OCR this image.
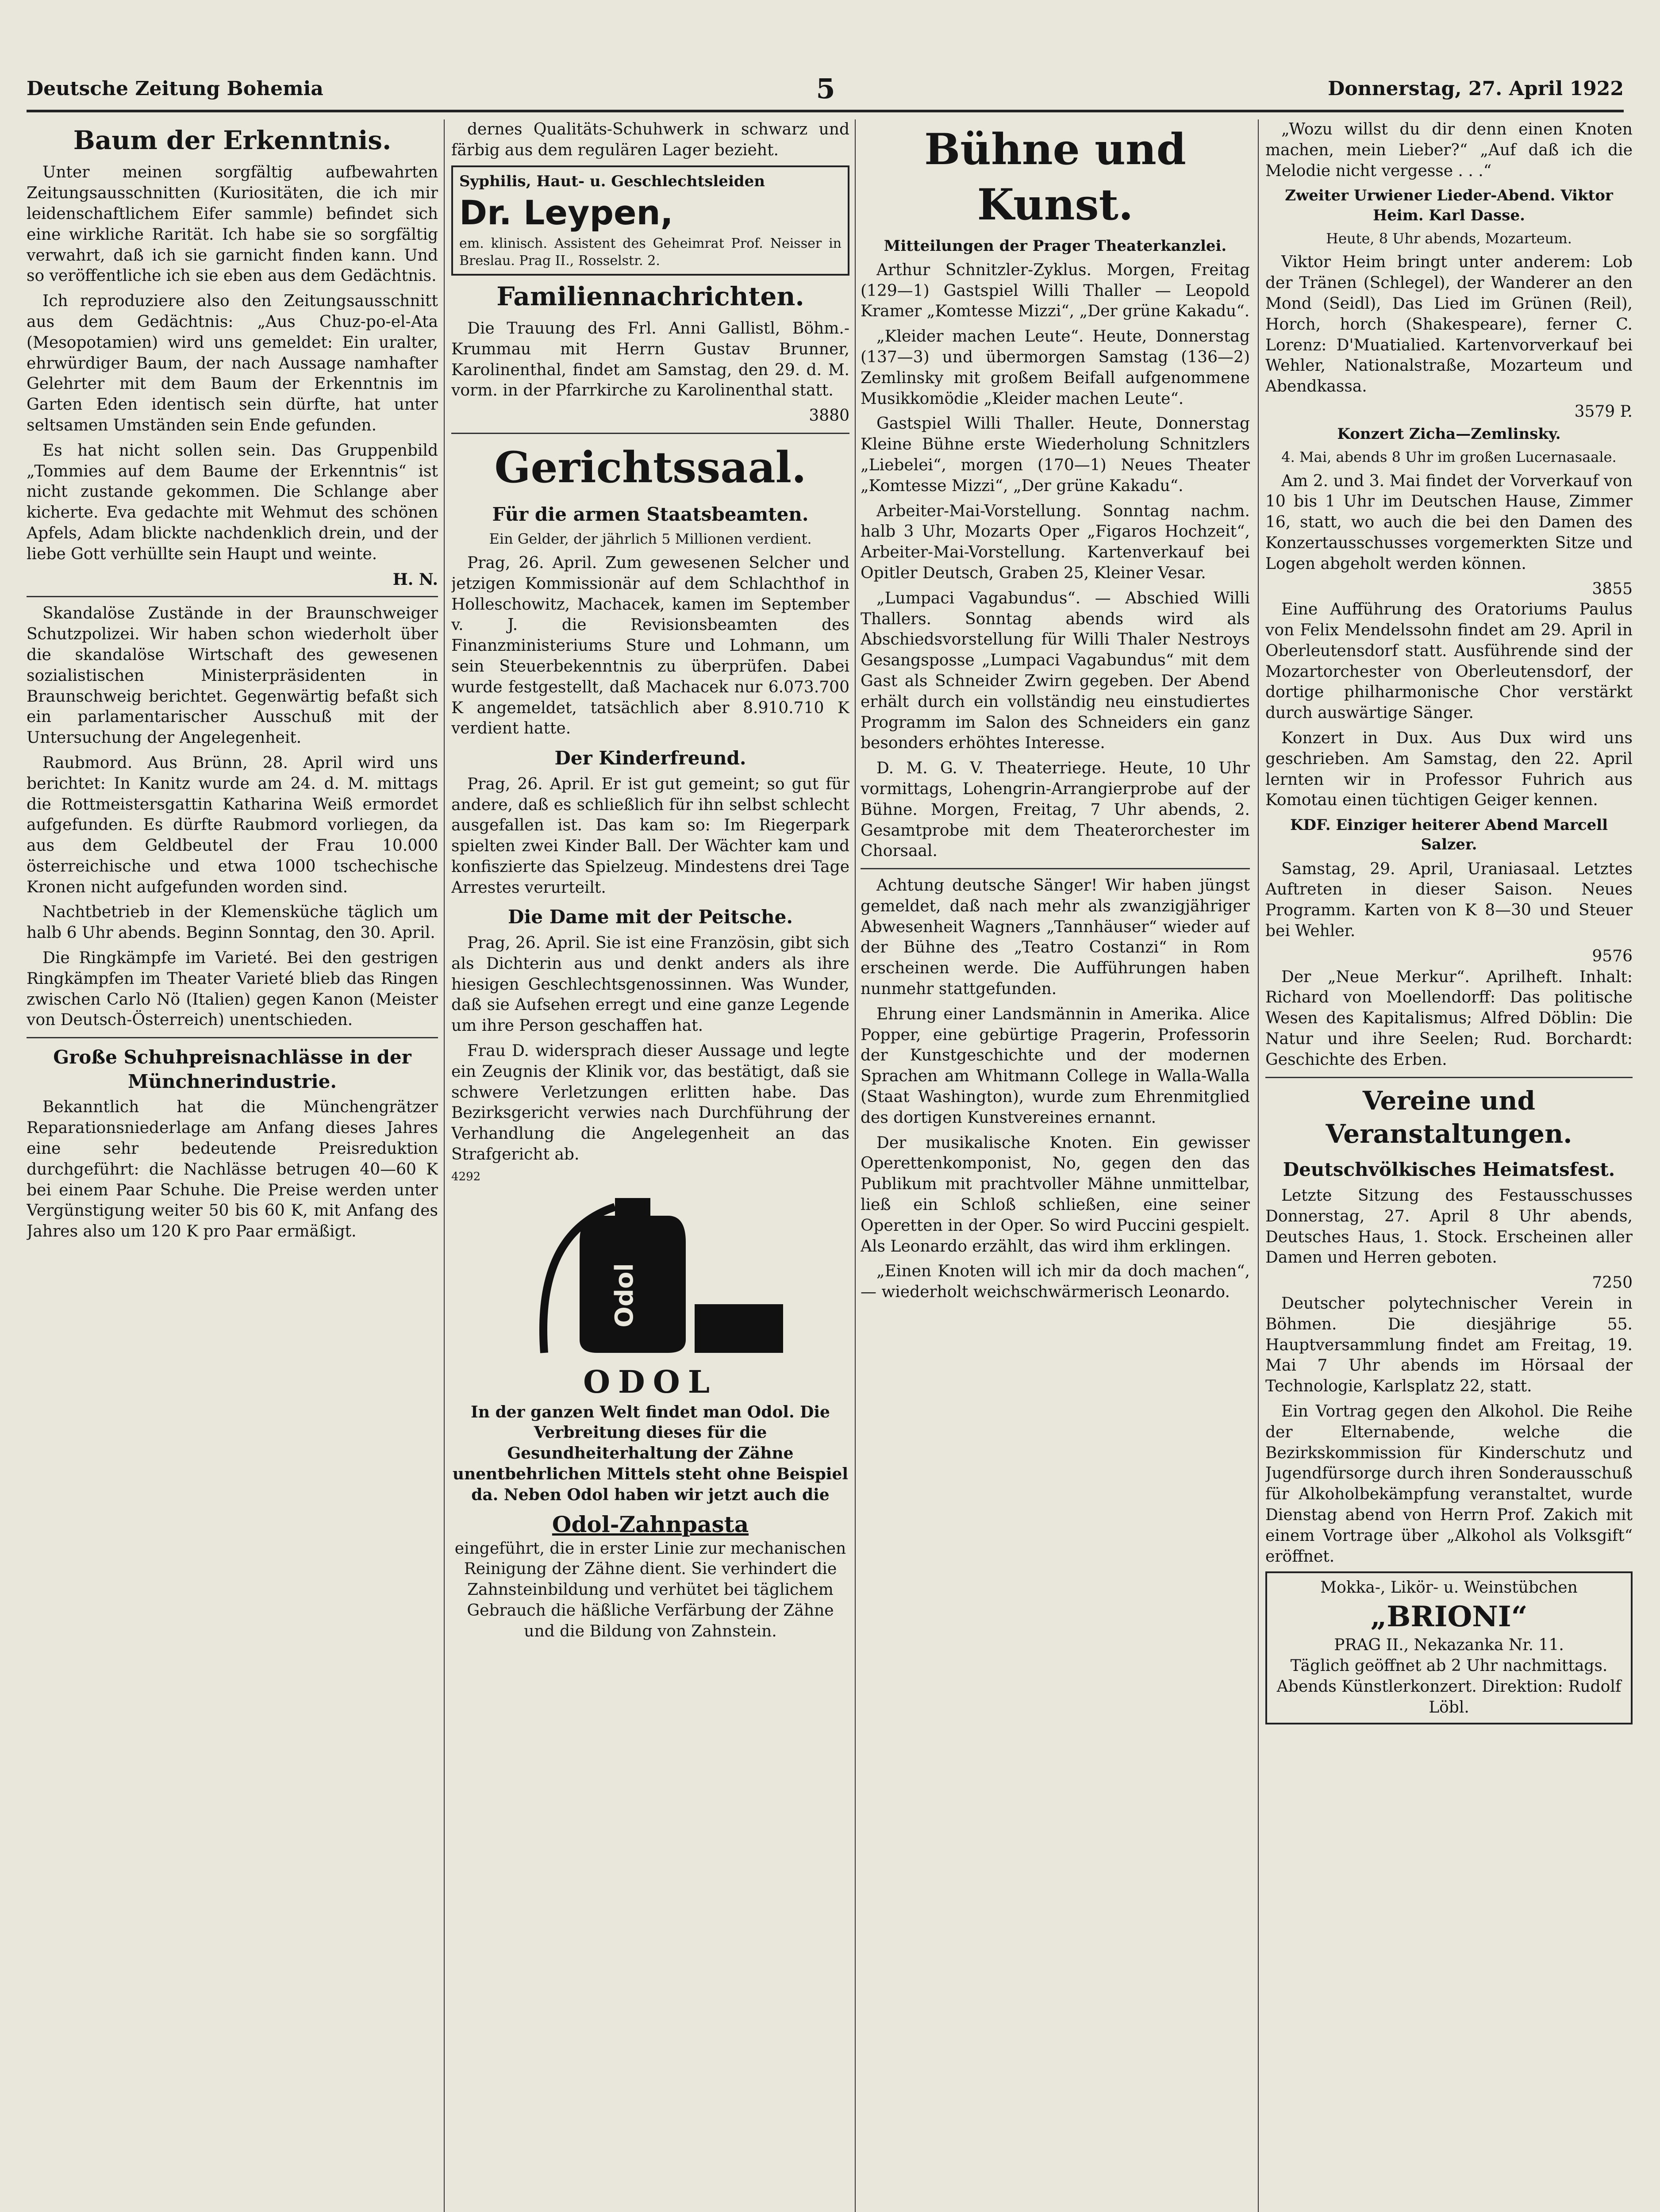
Deutsche Zeitung Bohemia	5	Donnerstag, 27. April 1922
Baum der Erkenntnis.

Unter meinen sorgfältig aufbewahrten Zeitungsausschnitten (Kuriositäten, die ich mir leidenschaftlichem Eifer sammle) befindet sich eine wirkliche Rarität. Ich habe sie so sorgfältig verwahrt, daß ich sie garnicht finden kann. Und so veröffentliche ich sie eben aus dem Gedächtnis.

Ich reproduziere also den Zeitungsausschnitt aus dem Gedächtnis: „Aus Chuz-po-el-Ata (Mesopotamien) wird uns gemeldet: Ein uralter, ehrwürdiger Baum, der nach Aussage namhafter Gelehrter mit dem Baum der Erkenntnis im Garten Eden identisch sein dürfte, hat unter seltsamen Umständen sein Ende gefunden.

Es hat nicht sollen sein. Das Gruppenbild „Tommies auf dem Baume der Erkenntnis“ ist nicht zustande gekommen. Die Schlange aber kicherte. Eva gedachte mit Wehmut des schönen Apfels, Adam blickte nachdenklich drein, und der liebe Gott verhüllte sein Haupt und weinte.

H. N.

Skandalöse Zustände in der Braunschweiger Schutzpolizei. Wir haben schon wiederholt über die skandalöse Wirtschaft des gewesenen sozialistischen Ministerpräsidenten in Braunschweig berichtet. Gegenwärtig befaßt sich ein parlamentarischer Ausschuß mit der Untersuchung der Angelegenheit.

Raubmord. Aus Brünn, 28. April wird uns berichtet: In Kanitz wurde am 24. d. M. mittags die Rottmeistersgattin Katharina Weiß ermordet aufgefunden. Es dürfte Raubmord vorliegen, da aus dem Geldbeutel der Frau 10.000 österreichische und etwa 1000 tschechische Kronen nicht aufgefunden worden sind.

Nachtbetrieb in der Klemensküche täglich um halb 6 Uhr abends. Beginn Sonntag, den 30. April.

Die Ringkämpfe im Varieté. Bei den gestrigen Ringkämpfen im Theater Varieté blieb das Ringen zwischen Carlo Nö (Italien) gegen Kanon (Meister von Deutsch-Österreich) unentschieden.

Große Schuhpreisnachlässe in der Münchnerindustrie.

Bekanntlich hat die Münchengrätzer Reparationsniederlage am Anfang dieses Jahres eine sehr bedeutende Preisreduktion durchgeführt: die Nachlässe betrugen 40—60 K bei einem Paar Schuhe. Die Preise werden unter Vergünstigung weiter 50 bis 60 K, mit Anfang des Jahres also um 120 K pro Paar ermäßigt.

dernes Qualitäts-Schuhwerk in schwarz und färbig aus dem regulären Lager bezieht.

Syphilis, Haut- u. Geschlechtsleiden
Dr. Leypen,
em. klinisch. Assistent des Geheimrat Prof. Neisser in Breslau. Prag II., Rosselstr. 2.
Familiennachrichten.

Die Trauung des Frl. Anni Gallistl, Böhm.-Krummau mit Herrn Gustav Brunner, Karolinenthal, findet am Samstag, den 29. d. M. vorm. in der Pfarrkirche zu Karolinenthal statt.

3880
Gerichtssaal.
Für die armen Staatsbeamten.
Ein Gelder, der jährlich 5 Millionen verdient.

Prag, 26. April. Zum gewesenen Selcher und jetzigen Kommissionär auf dem Schlachthof in Holleschowitz, Machacek, kamen im September v. J. die Revisionsbeamten des Finanzministeriums Sture und Lohmann, um sein Steuerbekenntnis zu überprüfen. Dabei wurde festgestellt, daß Machacek nur 6.073.700 K angemeldet, tatsächlich aber 8.910.710 K verdient hatte.

Der Kinderfreund.

Prag, 26. April. Er ist gut gemeint; so gut für andere, daß es schließlich für ihn selbst schlecht ausgefallen ist. Das kam so: Im Riegerpark spielten zwei Kinder Ball. Der Wächter kam und konfiszierte das Spielzeug. Mindestens drei Tage Arrestes verurteilt.

Die Dame mit der Peitsche.

Prag, 26. April. Sie ist eine Französin, gibt sich als Dichterin aus und denkt anders als ihre hiesigen Geschlechtsgenossinnen. Was Wunder, daß sie Aufsehen erregt und eine ganze Legende um ihre Person geschaffen hat.

Frau D. widersprach dieser Aussage und legte ein Zeugnis der Klinik vor, das bestätigt, daß sie schwere Verletzungen erlitten habe. Das Bezirksgericht verwies nach Durchführung der Verhandlung die Angelegenheit an das Strafgericht ab.

4292
Odol
ODOL

In der ganzen Welt findet man Odol. Die Verbreitung dieses für die Gesundheiterhaltung der Zähne unentbehrlichen Mittels steht ohne Beispiel da. Neben Odol haben wir jetzt auch die

Odol-Zahnpasta

eingeführt, die in erster Linie zur mechanischen Reinigung der Zähne dient. Sie verhindert die Zahnsteinbildung und verhütet bei täglichem Gebrauch die häßliche Verfärbung der Zähne und die Bildung von Zahnstein.

Bühne und Kunst.
Mitteilungen der Prager Theaterkanzlei.

Arthur Schnitzler-Zyklus. Morgen, Freitag (129—1) Gastspiel Willi Thaller — Leopold Kramer „Komtesse Mizzi“, „Der grüne Kakadu“.

„Kleider machen Leute“. Heute, Donnerstag (137—3) und übermorgen Samstag (136—2) Zemlinsky mit großem Beifall aufgenommene Musikkomödie „Kleider machen Leute“.

Gastspiel Willi Thaller. Heute, Donnerstag Kleine Bühne erste Wiederholung Schnitzlers „Liebelei“, morgen (170—1) Neues Theater „Komtesse Mizzi“, „Der grüne Kakadu“.

Arbeiter-Mai-Vorstellung. Sonntag nachm. halb 3 Uhr, Mozarts Oper „Figaros Hochzeit“, Arbeiter-Mai-Vorstellung. Kartenverkauf bei Opitler Deutsch, Graben 25, Kleiner Vesar.

„Lumpaci Vagabundus“. — Abschied Willi Thallers. Sonntag abends wird als Abschiedsvorstellung für Willi Thaler Nestroys Gesangsposse „Lumpaci Vagabundus“ mit dem Gast als Schneider Zwirn gegeben. Der Abend erhält durch ein vollständig neu einstudiertes Programm im Salon des Schneiders ein ganz besonders erhöhtes Interesse.

D. M. G. V. Theaterriege. Heute, 10 Uhr vormittags, Lohengrin-Arrangierprobe auf der Bühne. Morgen, Freitag, 7 Uhr abends, 2. Gesamtprobe mit dem Theaterorchester im Chorsaal.

Achtung deutsche Sänger! Wir haben jüngst gemeldet, daß nach mehr als zwanzigjähriger Abwesenheit Wagners „Tannhäuser“ wieder auf der Bühne des „Teatro Costanzi“ in Rom erscheinen werde. Die Aufführungen haben nunmehr stattgefunden.

Ehrung einer Landsmännin in Amerika. Alice Popper, eine gebürtige Pragerin, Professorin der Kunstgeschichte und der modernen Sprachen am Whitmann College in Walla-Walla (Staat Washington), wurde zum Ehrenmitglied des dortigen Kunstvereines ernannt.

Der musikalische Knoten. Ein gewisser Operettenkomponist, No, gegen den das Publikum mit prachtvoller Mähne unmittelbar, ließ ein Schloß schließen, eine seiner Operetten in der Oper. So wird Puccini gespielt. Als Leonardo erzählt, das wird ihm erklingen.

„Einen Knoten will ich mir da doch machen“, — wiederholt weichschwärmerisch Leonardo.

„Wozu willst du dir denn einen Knoten machen, mein Lieber?“ „Auf daß ich die Melodie nicht vergesse . . .“

Zweiter Urwiener Lieder-Abend. Viktor Heim. Karl Dasse.
Heute, 8 Uhr abends, Mozarteum.

Viktor Heim bringt unter anderem: Lob der Tränen (Schlegel), der Wanderer an den Mond (Seidl), Das Lied im Grünen (Reil), Horch, horch (Shakespeare), ferner C. Lorenz: D'Muatialied. Kartenvorverkauf bei Wehler, Nationalstraße, Mozarteum und Abendkassa.

3579 P.
Konzert Zicha—Zemlinsky.
4. Mai, abends 8 Uhr im großen Lucernasaale.

Am 2. und 3. Mai findet der Vorverkauf von 10 bis 1 Uhr im Deutschen Hause, Zimmer 16, statt, wo auch die bei den Damen des Konzertausschusses vorgemerkten Sitze und Logen abgeholt werden können.

3855

Eine Aufführung des Oratoriums Paulus von Felix Mendelssohn findet am 29. April in Oberleutensdorf statt. Ausführende sind der Mozartorchester von Oberleutensdorf, der dortige philharmonische Chor verstärkt durch auswärtige Sänger.

Konzert in Dux. Aus Dux wird uns geschrieben. Am Samstag, den 22. April lernten wir in Professor Fuhrich aus Komotau einen tüchtigen Geiger kennen.

KDF. Einziger heiterer Abend Marcell Salzer.

Samstag, 29. April, Uraniasaal. Letztes Auftreten in dieser Saison. Neues Programm. Karten von K 8—30 und Steuer bei Wehler.

9576

Der „Neue Merkur“. Aprilheft. Inhalt: Richard von Moellendorff: Das politische Wesen des Kapitalismus; Alfred Döblin: Die Natur und ihre Seelen; Rud. Borchardt: Geschichte des Erben.

Vereine und Veranstaltungen.
Deutschvölkisches Heimatsfest.

Letzte Sitzung des Festausschusses Donnerstag, 27. April 8 Uhr abends, Deutsches Haus, 1. Stock. Erscheinen aller Damen und Herren geboten.

7250

Deutscher polytechnischer Verein in Böhmen. Die diesjährige 55. Hauptversammlung findet am Freitag, 19. Mai 7 Uhr abends im Hörsaal der Technologie, Karlsplatz 22, statt.

Ein Vortrag gegen den Alkohol. Die Reihe der Elternabende, welche die Bezirkskommission für Kinderschutz und Jugendfürsorge durch ihren Sonderausschuß für Alkoholbekämpfung veranstaltet, wurde Dienstag abend von Herrn Prof. Zakich mit einem Vortrage über „Alkohol als Volksgift“ eröffnet.

Mokka-, Likör- u. Weinstübchen
„BRIONI“
PRAG II., Nekazanka Nr. 11.
Täglich geöffnet ab 2 Uhr nachmittags.
Abends Künstlerkonzert. Direktion: Rudolf Löbl.
